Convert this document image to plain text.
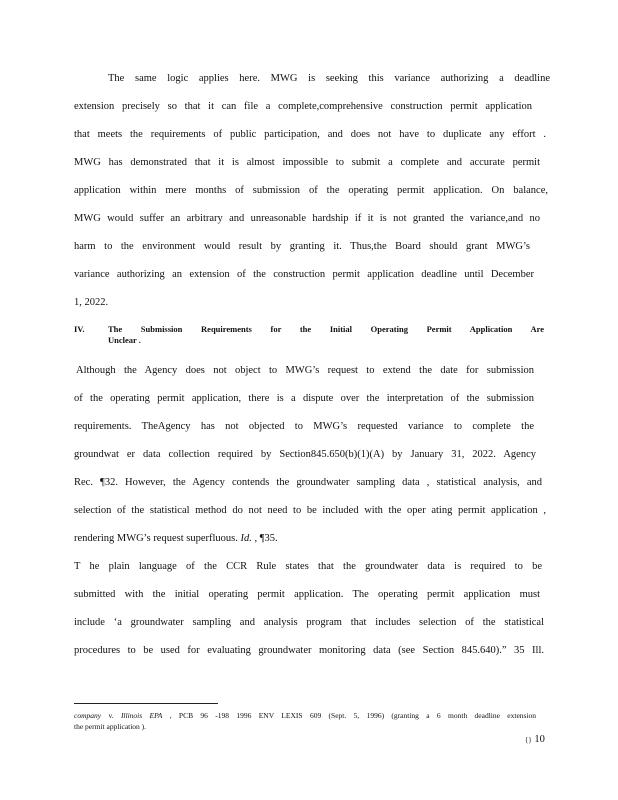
The same logic applies here. MWG is seeking this variance authorizing a deadline
extension precisely so that it can file a complete,comprehensive construction permit application
that meets the requirements of public participation, and does not have to duplicate any effort .
MWG has demonstrated that it is almost impossible to submit a complete and accurate permit
application within mere months of submission of the operating permit application. On balance,
MWG would suffer an arbitrary and unreasonable hardship if it is not granted the variance,and no
harm to the environment would result by granting it. Thus,the Board should grant MWG’s
variance authorizing an extension of the construction permit application deadline until December
1, 2022.
IV.	The Submission Requirements for the Initial Operating Permit Application Are
Unclear .
Although the Agency does not object to MWG’s request to extend the date for submission
of the operating permit application, there is a dispute over the interpretation of the submission
requirements. TheAgency has not objected to MWG’s requested variance to complete the
groundwat er data collection required by Section845.650(b)(1)(A) by January 31, 2022. Agency
Rec. ¶32. However, the Agency contends the groundwater sampling data , statistical analysis, and
selection of the statistical method do not need to be included with the oper ating permit application ,
rendering MWG’s request superfluous. Id. , ¶35.
T he plain language of the CCR Rule states that the groundwater data is required to be
submitted with the initial operating permit application. The operating permit application must
include ‘a groundwater sampling and analysis program that includes selection of the statistical
procedures to be used for evaluating groundwater monitoring data (see Section 845.640).” 35 Ill.
company v. Illinois EPA , PCB 96 -198 1996 ENV LEXIS 609 (Sept. 5, 1996) (granting a 6 month deadline extension
the permit application ).
{} 10
